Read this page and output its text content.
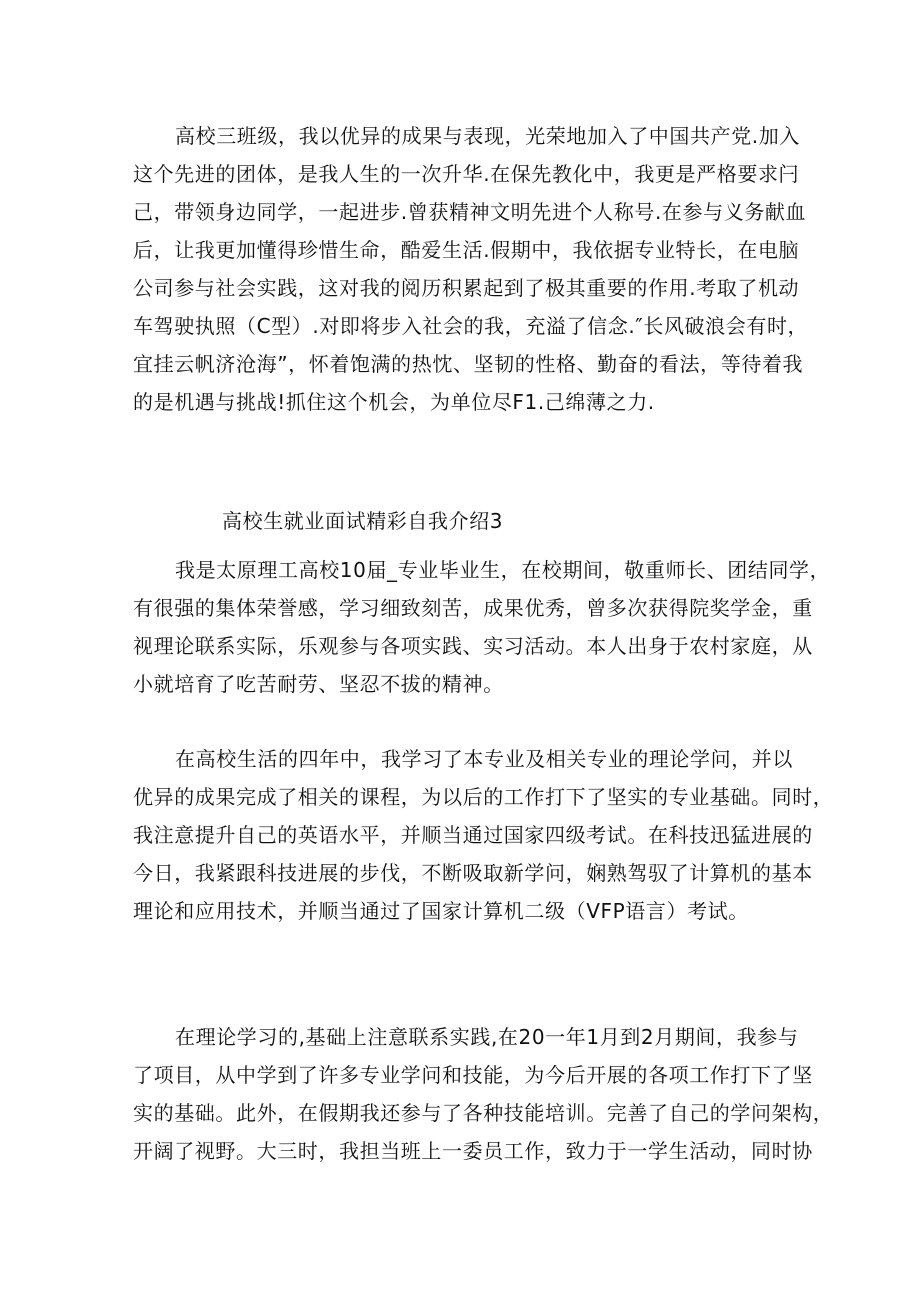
高校三班级，我以优异的成果与表现，光荣地加入了中国共产党.加入
这个先进的团体，是我人生的一次升华.在保先教化中，我更是严格要求闩
己，带领身边同学，一起进步.曾获精神文明先进个人称号.在参与义务献血
后，让我更加懂得珍惜生命，酷爱生活.假期中，我依据专业特长，在电脑
公司参与社会实践，这对我的阅历积累起到了极其重要的作用.考取了机动
车驾驶执照（C型）.对即将步入社会的我，充溢了信念.″长风破浪会有时，
宜挂云帆济沧海”，怀着饱满的热忱、坚韧的性格、勤奋的看法，等待着我
的是机遇与挑战!抓住这个机会，为单位尽F1.己绵薄之力.
高校生就业面试精彩自我介绍3
我是太原理工高校10届_专业毕业生，在校期间，敬重师长、团结同学，
有很强的集体荣誉感，学习细致刻苦，成果优秀，曾多次获得院奖学金，重
视理论联系实际，乐观参与各项实践、实习活动。本人出身于农村家庭，从
小就培育了吃苦耐劳、坚忍不拔的精神。
在高校生活的四年中，我学习了本专业及相关专业的理论学问，并以
优异的成果完成了相关的课程，为以后的工作打下了坚实的专业基础。同时，
我注意提升自己的英语水平，并顺当通过国家四级考试。在科技迅猛进展的
今日，我紧跟科技进展的步伐，不断吸取新学问，娴熟驾驭了计算机的基本
理论和应用技术，并顺当通过了国家计算机二级（VFP语言）考试。
在理论学习的,基础上注意联系实践,在20一年1月到2月期间，我参与
了项目，从中学到了许多专业学问和技能，为今后开展的各项工作打下了坚
实的基础。此外，在假期我还参与了各种技能培训。完善了自己的学问架构，
开阔了视野。大三时，我担当班上一委员工作，致力于一学生活动，同时协
